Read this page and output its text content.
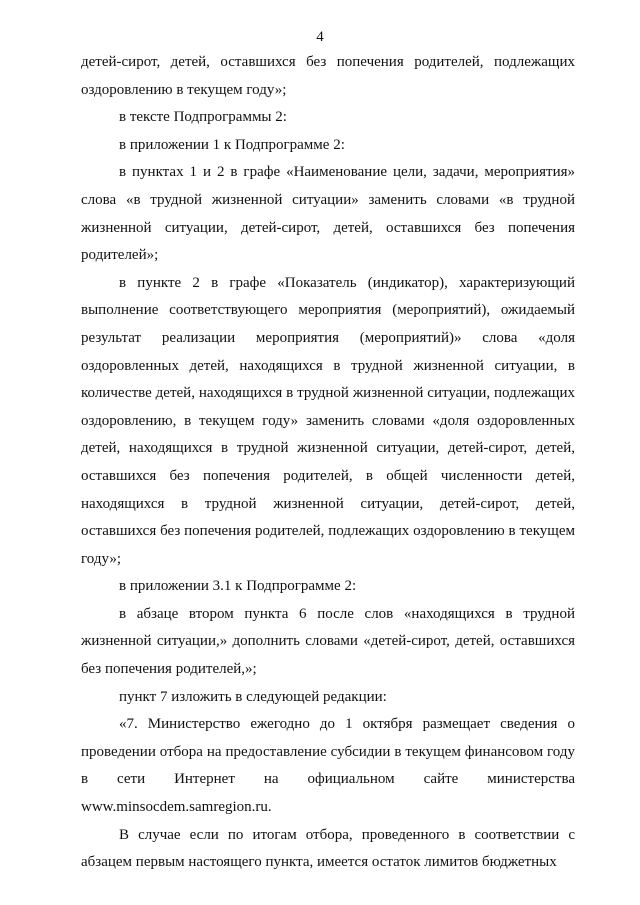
4

детей-сирот, детей, оставшихся без попечения родителей, подлежащих оздоровлению в текущем году»;

в тексте Подпрограммы 2:

в приложении 1 к Подпрограмме 2:

в пунктах 1 и 2 в графе «Наименование цели, задачи, мероприятия» слова «в трудной жизненной ситуации» заменить словами «в трудной жизненной ситуации, детей-сирот, детей, оставшихся без попечения родителей»;

в пункте 2 в графе «Показатель (индикатор), характеризующий выполнение соответствующего мероприятия (мероприятий), ожидаемый результат реализации мероприятия (мероприятий)» слова «доля оздоровленных детей, находящихся в трудной жизненной ситуации, в количестве детей, находящихся в трудной жизненной ситуации, подлежащих оздоровлению, в текущем году» заменить словами «доля оздоровленных детей, находящихся в трудной жизненной ситуации, детей-сирот, детей, оставшихся без попечения родителей, в общей численности детей, находящихся в трудной жизненной ситуации, детей-сирот, детей, оставшихся без попечения родителей, подлежащих оздоровлению в текущем году»;

в приложении 3.1 к Подпрограмме 2:

в абзаце втором пункта 6 после слов «находящихся в трудной жизненной ситуации,» дополнить словами «детей-сирот, детей, оставшихся без попечения родителей,»;

пункт 7 изложить в следующей редакции:

«7. Министерство ежегодно до 1 октября размещает сведения о проведении отбора на предоставление субсидии в текущем финансовом году в сети Интернет на официальном сайте министерства www.minsocdem.samregion.ru.

В случае если по итогам отбора, проведенного в соответствии с абзацем первым настоящего пункта, имеется остаток лимитов бюджетных
